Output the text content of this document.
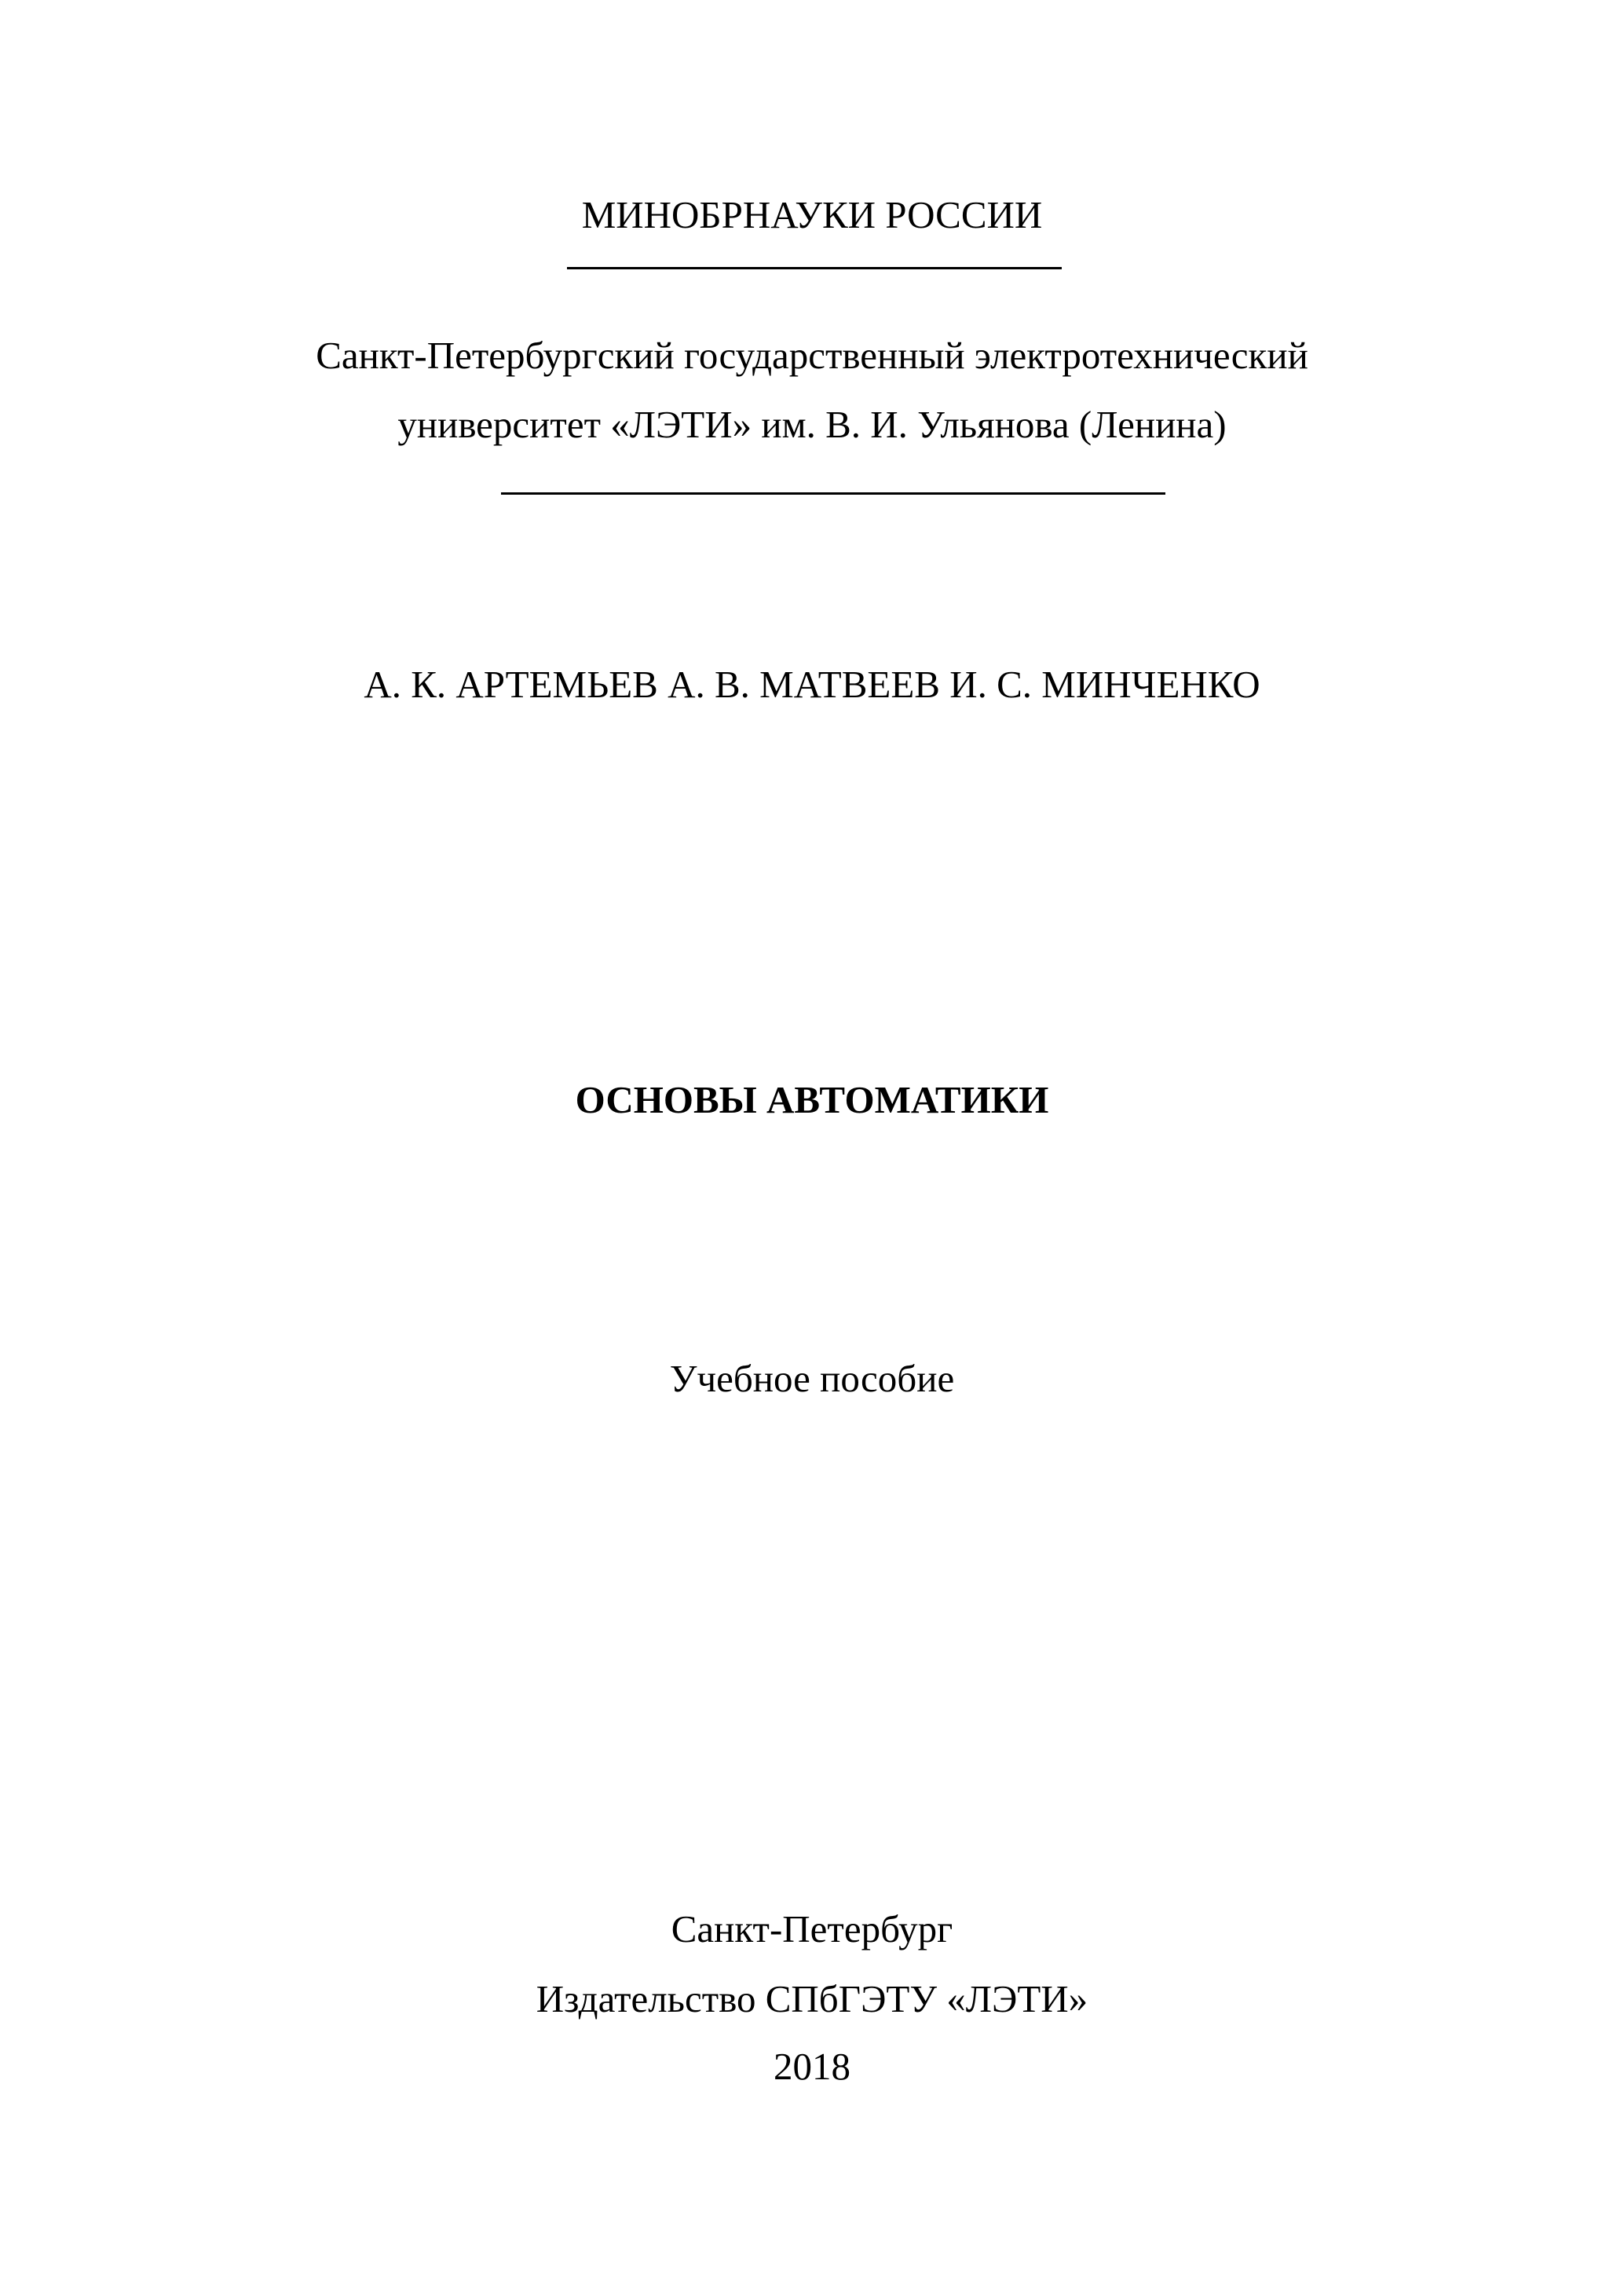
МИНОБРНАУКИ РОССИИ
Санкт-Петербургский государственный электротехнический
университет «ЛЭТИ» им. В. И. Ульянова (Ленина)
А. К. АРТЕМЬЕВ А. В. МАТВЕЕВ И. С. МИНЧЕНКО
ОСНОВЫ АВТОМАТИКИ
Учебное пособие
Санкт-Петербург
Издательство СПбГЭТУ «ЛЭТИ»
2018
